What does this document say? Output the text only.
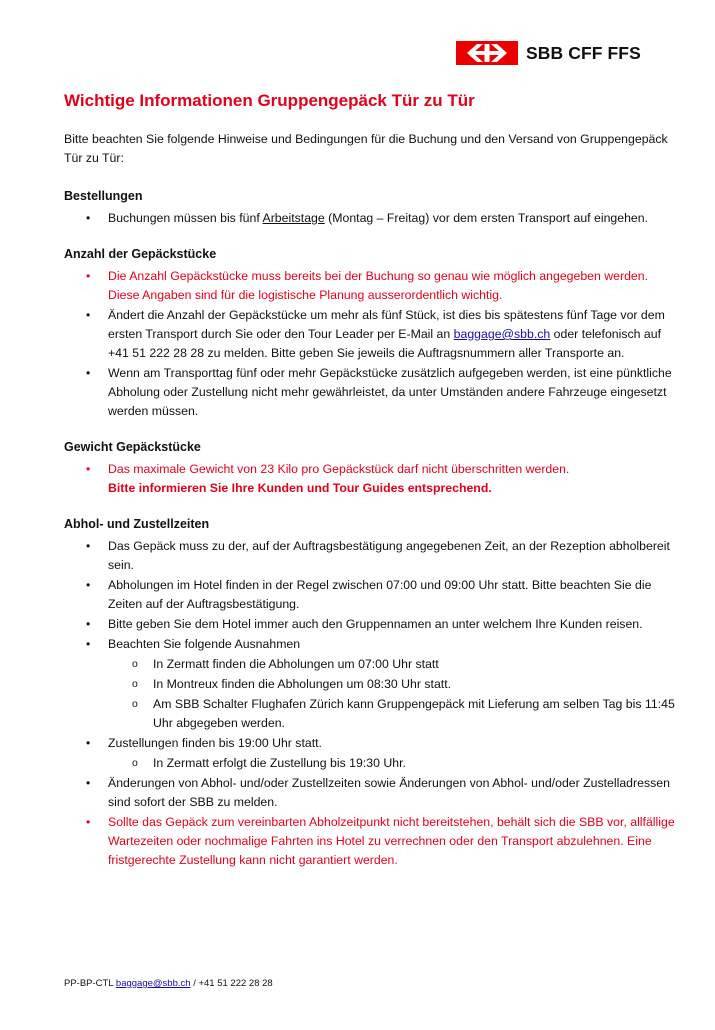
SBB CFF FFS
Wichtige Informationen Gruppengepäck Tür zu Tür

Bitte beachten Sie folgende Hinweise und Bedingungen für die Buchung und den Versand von Gruppengepäck Tür zu Tür:

Bestellungen
• Buchungen müssen bis fünf Arbeitstage (Montag – Freitag) vor dem ersten Transport auf eingehen.
Anzahl der Gepäckstücke
• Die Anzahl Gepäckstücke muss bereits bei der Buchung so genau wie möglich angegeben werden. Diese Angaben sind für die logistische Planung ausserordentlich wichtig.
• Ändert die Anzahl der Gepäckstücke um mehr als fünf Stück, ist dies bis spätestens fünf Tage vor dem ersten Transport durch Sie oder den Tour Leader per E-Mail an baggage@sbb.ch oder telefonisch auf +41 51 222 28 28 zu melden. Bitte geben Sie jeweils die Auftragsnummern aller Transporte an.
• Wenn am Transporttag fünf oder mehr Gepäckstücke zusätzlich aufgegeben werden, ist eine pünktliche Abholung oder Zustellung nicht mehr gewährleistet, da unter Umständen andere Fahrzeuge eingesetzt werden müssen.
Gewicht Gepäckstücke
• Das maximale Gewicht von 23 Kilo pro Gepäckstück darf nicht überschritten werden.
Bitte informieren Sie Ihre Kunden und Tour Guides entsprechend.
Abhol- und Zustellzeiten
• Das Gepäck muss zu der, auf der Auftragsbestätigung angegebenen Zeit, an der Rezeption abholbereit sein.
• Abholungen im Hotel finden in der Regel zwischen 07:00 und 09:00 Uhr statt. Bitte beachten Sie die Zeiten auf der Auftragsbestätigung.
• Bitte geben Sie dem Hotel immer auch den Gruppennamen an unter welchem Ihre Kunden reisen.
• Beachten Sie folgende Ausnahmen
o In Zermatt finden die Abholungen um 07:00 Uhr statt
o In Montreux finden die Abholungen um 08:30 Uhr statt.
o Am SBB Schalter Flughafen Zürich kann Gruppengepäck mit Lieferung am selben Tag bis 11:45 Uhr abgegeben werden.
• Zustellungen finden bis 19:00 Uhr statt.
o In Zermatt erfolgt die Zustellung bis 19:30 Uhr.
• Änderungen von Abhol- und/oder Zustellzeiten sowie Änderungen von Abhol- und/oder Zustelladressen sind sofort der SBB zu melden.
• Sollte das Gepäck zum vereinbarten Abholzeitpunkt nicht bereitstehen, behält sich die SBB vor, allfällige Wartezeiten oder nochmalige Fahrten ins Hotel zu verrechnen oder den Transport abzulehnen. Eine fristgerechte Zustellung kann nicht garantiert werden.
PP-BP-CTL baggage@sbb.ch / +41 51 222 28 28
